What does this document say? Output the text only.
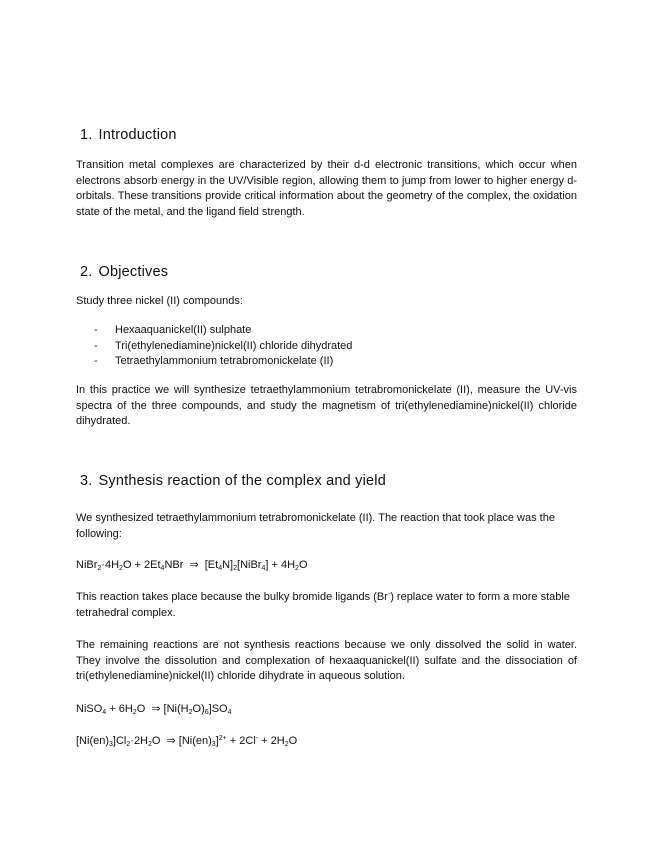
1. Introduction

Transition metal complexes are characterized by their d-d electronic transitions, which occur when electrons absorb energy in the UV/Visible region, allowing them to jump from lower to higher energy d-orbitals. These transitions provide critical information about the geometry of the complex, the oxidation state of the metal, and the ligand field strength.

2. Objectives

Study three nickel (II) compounds:

- Hexaaquanickel(II) sulphate
- Tri(ethylenediamine)nickel(II) chloride dihydrated
- Tetraethylammonium tetrabromonickelate (II)

In this practice we will synthesize tetraethylammonium tetrabromonickelate (II), measure the UV-vis spectra of the three compounds, and study the magnetism of tri(ethylenediamine)nickel(II) chloride dihydrated.

3. Synthesis reaction of the complex and yield

We synthesized tetraethylammonium tetrabromonickelate (II). The reaction that took place was the following:

$NiBr_2\cdot 4H_2O + 2Et_4NBr$ ⇒ $[Et_4N]_2[NiBr_4] + 4H_2O$

This reaction takes place because the bulky bromide ligands (Br-) replace water to form a more stable tetrahedral complex.

The remaining reactions are not synthesis reactions because we only dissolved the solid in water. They involve the dissolution and complexation of hexaaquanickel(II) sulfate and the dissociation of tri(ethylenediamine)nickel(II) chloride dihydrate in aqueous solution.

NiSO$_4$ + $6H_2O$ ⇒ $[Ni(H_2O)_6]SO_4$

$[Ni(en)_3]Cl_2\cdot 2H_2O$ ⇒ $[Ni(en)_3]^{2+} + 2Cl^- + 2H_2O$
